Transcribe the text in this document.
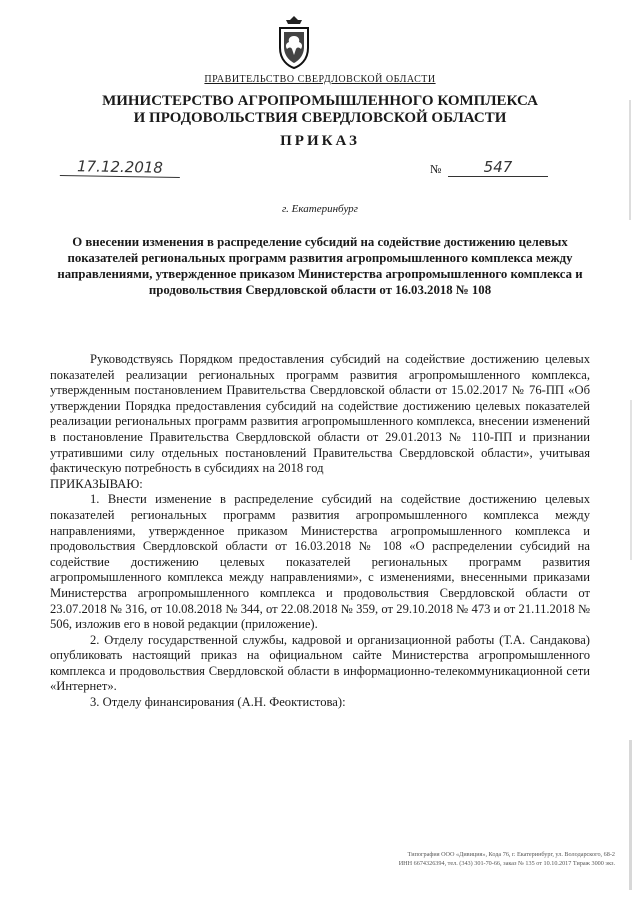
ПРАВИТЕЛЬСТВО СВЕРДЛОВСКОЙ ОБЛАСТИ
МИНИСТЕРСТВО АГРОПРОМЫШЛЕННОГО КОМПЛЕКСА
И ПРОДОВОЛЬСТВИЯ СВЕРДЛОВСКОЙ ОБЛАСТИ
ПРИКАЗ
17.12.2018	№	547
г. Екатеринбург
О внесении изменения в распределение субсидий на содействие достижению целевых показателей региональных программ развития агропромышленного комплекса между направлениями, утвержденное приказом Министерства агропромышленного комплекса и продовольствия Свердловской области от 16.03.2018 № 108

Руководствуясь Порядком предоставления субсидий на содействие достижению целевых показателей реализации региональных программ развития агропромышленного комплекса, утвержденным постановлением Правительства Свердловской области от 15.02.2017 № 76-ПП «Об утверждении Порядка предоставления субсидий на содействие достижению целевых показателей реализации региональных программ развития агропромышленного комплекса, внесении изменений в постановление Правительства Свердловской области от 29.01.2013 № 110-ПП и признании утратившими силу отдельных постановлений Правительства Свердловской области», учитывая фактическую потребность в субсидиях на 2018 год

ПРИКАЗЫВАЮ:

1. Внести изменение в распределение субсидий на содействие достижению целевых показателей региональных программ развития агропромышленного комплекса между направлениями, утвержденное приказом Министерства агропромышленного комплекса и продовольствия Свердловской области от 16.03.2018 № 108 «О распределении субсидий на содействие достижению целевых показателей региональных программ развития агропромышленного комплекса между направлениями», с изменениями, внесенными приказами Министерства агропромышленного комплекса и продовольствия Свердловской области от 23.07.2018 № 316, от 10.08.2018 № 344, от 22.08.2018 № 359, от 29.10.2018 № 473 и от 21.11.2018 № 506, изложив его в новой редакции (приложение).

2. Отделу государственной службы, кадровой и организационной работы (Т.А. Сандакова) опубликовать настоящий приказ на официальном сайте Министерства агропромышленного комплекса и продовольствия Свердловской области в информационно-телекоммуникационной сети «Интернет».

3. Отделу финансирования (А.Н. Феоктистова):

Типография ООО «Дивиция», Кода 76, г. Екатеринбург, ул. Володарского, 68-2
ИНН 6674326394, тел. (343) 301-70-66, заказ № 135 от 10.10.2017 Тираж 3000 экз.
